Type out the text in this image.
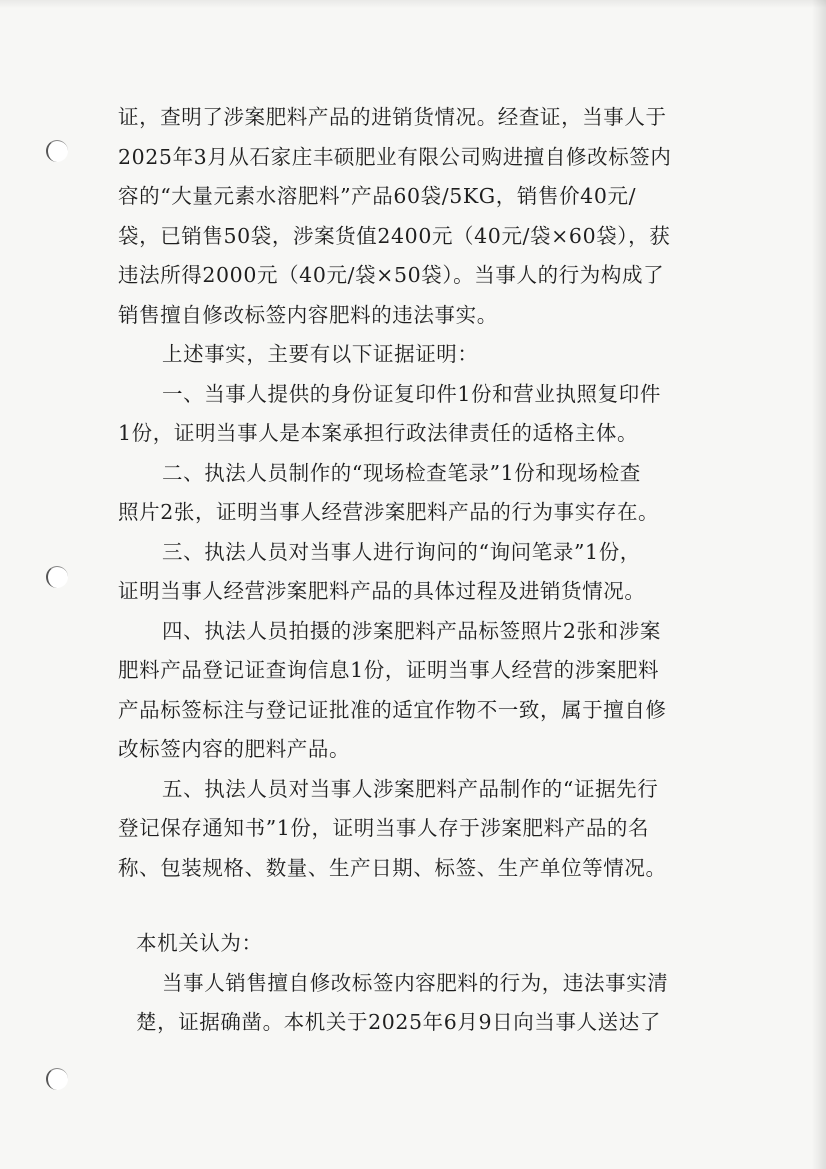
证，查明了涉案肥料产品的进销货情况。经查证，当事人于
2025年3月从石家庄丰硕肥业有限公司购进擅自修改标签内
容的“大量元素水溶肥料”产品60袋/5KG，销售价40元/
袋，已销售50袋，涉案货值2400元（40元/袋×60袋），获
违法所得2000元（40元/袋×50袋）。当事人的行为构成了
销售擅自修改标签内容肥料的违法事实。
上述事实，主要有以下证据证明：
一、当事人提供的身份证复印件1份和营业执照复印件
1份，证明当事人是本案承担行政法律责任的适格主体。
二、执法人员制作的“现场检查笔录”1份和现场检查
照片2张，证明当事人经营涉案肥料产品的行为事实存在。
三、执法人员对当事人进行询问的“询问笔录”1份，
证明当事人经营涉案肥料产品的具体过程及进销货情况。
四、执法人员拍摄的涉案肥料产品标签照片2张和涉案
肥料产品登记证查询信息1份，证明当事人经营的涉案肥料
产品标签标注与登记证批准的适宜作物不一致，属于擅自修
改标签内容的肥料产品。
五、执法人员对当事人涉案肥料产品制作的“证据先行
登记保存通知书”1份，证明当事人存于涉案肥料产品的名
称、包装规格、数量、生产日期、标签、生产单位等情况。
本机关认为：
当事人销售擅自修改标签内容肥料的行为，违法事实清
楚，证据确凿。本机关于2025年6月9日向当事人送达了
